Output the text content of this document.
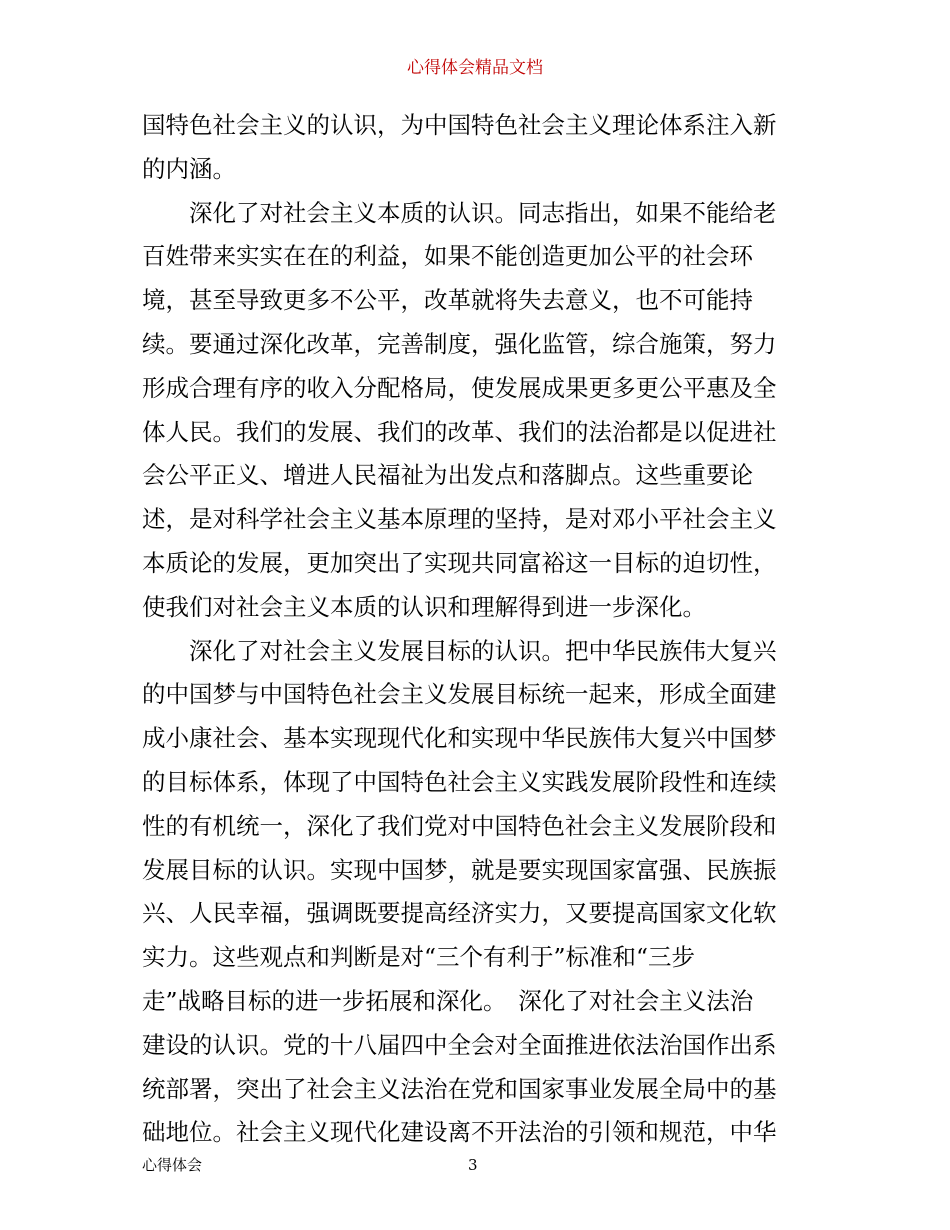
心得体会精品文档
国特色社会主义的认识，为中国特色社会主义理论体系注入新
的内涵。
　　深化了对社会主义本质的认识。同志指出，如果不能给老
百姓带来实实在在的利益，如果不能创造更加公平的社会环
境，甚至导致更多不公平，改革就将失去意义，也不可能持
续。要通过深化改革，完善制度，强化监管，综合施策，努力
形成合理有序的收入分配格局，使发展成果更多更公平惠及全
体人民。我们的发展、我们的改革、我们的法治都是以促进社
会公平正义、增进人民福祉为出发点和落脚点。这些重要论
述，是对科学社会主义基本原理的坚持，是对邓小平社会主义
本质论的发展，更加突出了实现共同富裕这一目标的迫切性，
使我们对社会主义本质的认识和理解得到进一步深化。
　　深化了对社会主义发展目标的认识。把中华民族伟大复兴
的中国梦与中国特色社会主义发展目标统一起来，形成全面建
成小康社会、基本实现现代化和实现中华民族伟大复兴中国梦
的目标体系，体现了中国特色社会主义实践发展阶段性和连续
性的有机统一，深化了我们党对中国特色社会主义发展阶段和
发展目标的认识。实现中国梦，就是要实现国家富强、民族振
兴、人民幸福，强调既要提高经济实力，又要提高国家文化软
实力。这些观点和判断是对“三个有利于”标准和“三步
走”战略目标的进一步拓展和深化。　深化了对社会主义法治
建设的认识。党的十八届四中全会对全面推进依法治国作出系
统部署，突出了社会主义法治在党和国家事业发展全局中的基
础地位。社会主义现代化建设离不开法治的引领和规范，中华
心得体会	3
